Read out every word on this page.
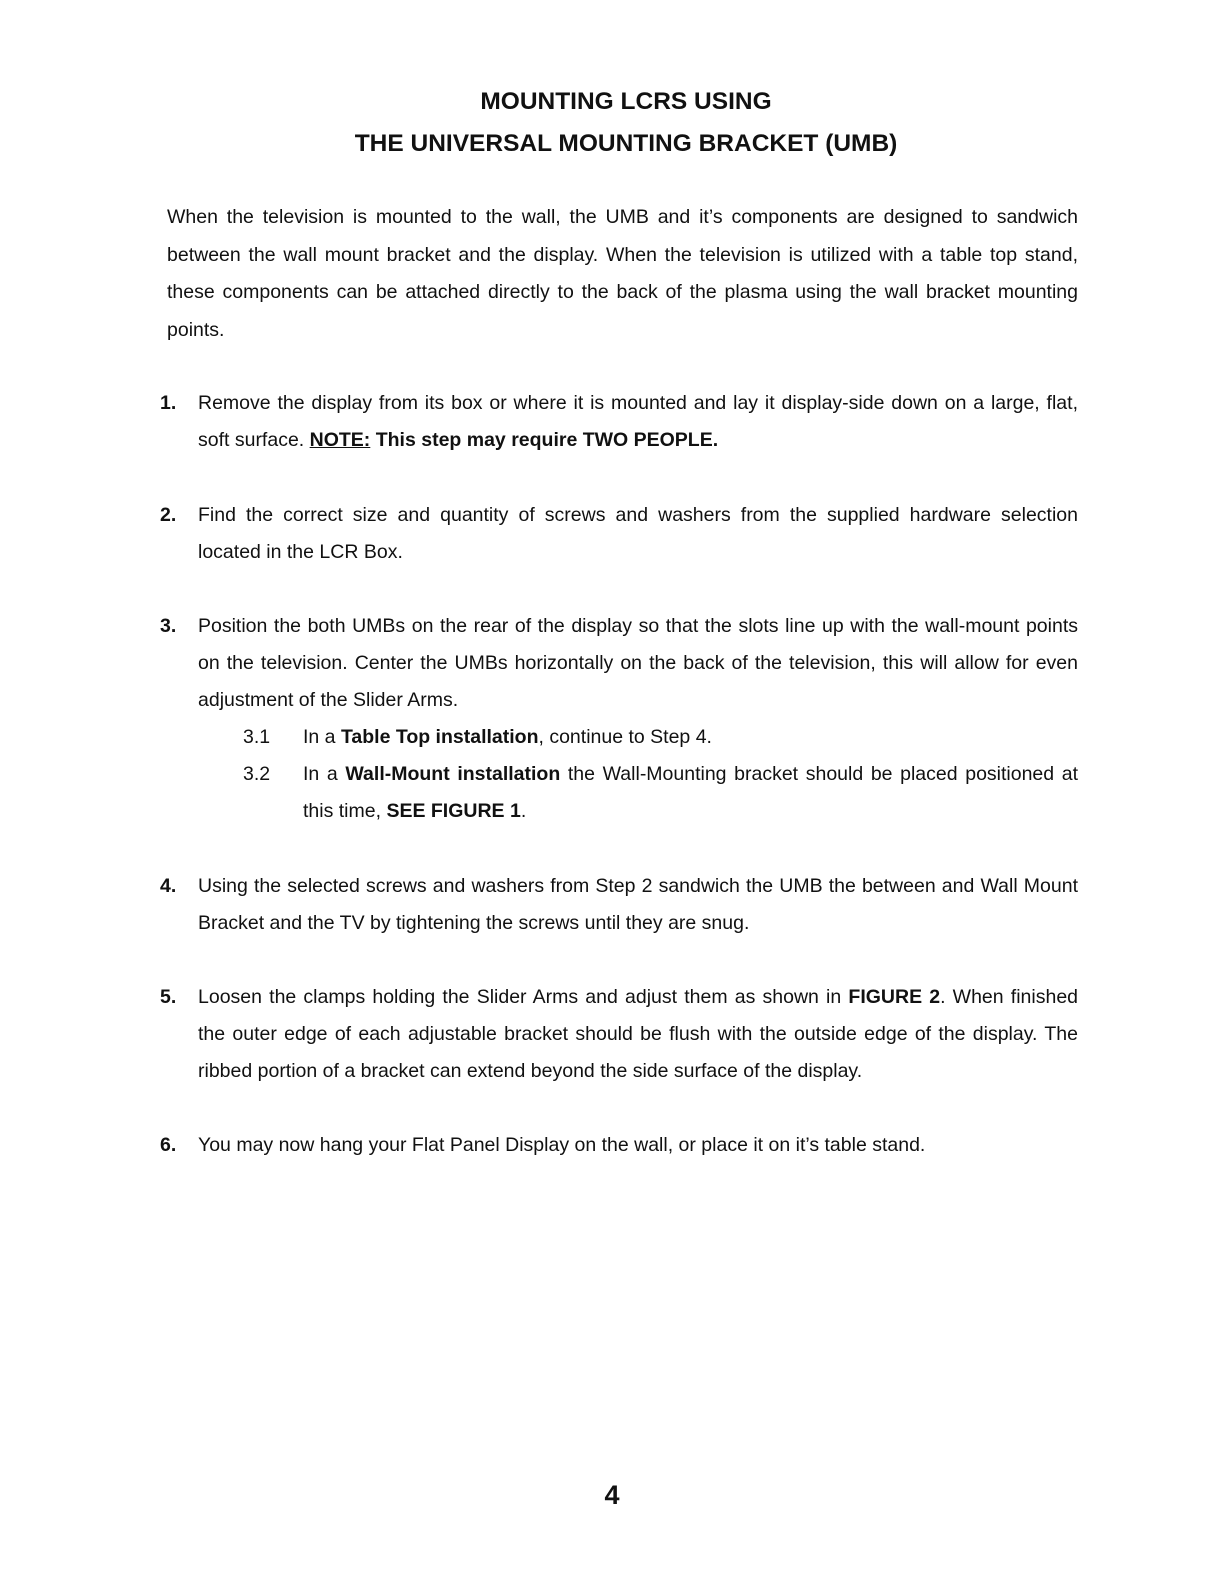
MOUNTING LCRS USING
THE UNIVERSAL MOUNTING BRACKET (UMB)

When the television is mounted to the wall, the UMB and it’s components are designed to sandwich between the wall mount bracket and the display. When the television is utilized with a table top stand, these components can be attached directly to the back of the plasma using the wall bracket mounting points.

1. Remove the display from its box or where it is mounted and lay it display-side down on a large, flat, soft surface. NOTE: This step may require TWO PEOPLE.
2. Find the correct size and quantity of screws and washers from the supplied hardware selection located in the LCR Box.
3. Position the both UMBs on the rear of the display so that the slots line up with the wall-mount points on the television. Center the UMBs horizontally on the back of the television, this will allow for even adjustment of the Slider Arms.
3.1 In a Table Top installation, continue to Step 4.
3.2 In a Wall-Mount installation the Wall-Mounting bracket should be placed positioned at this time, SEE FIGURE 1.
4. Using the selected screws and washers from Step 2 sandwich the UMB the between and Wall Mount Bracket and the TV by tightening the screws until they are snug.
5. Loosen the clamps holding the Slider Arms and adjust them as shown in FIGURE 2. When finished the outer edge of each adjustable bracket should be flush with the outside edge of the display. The ribbed portion of a bracket can extend beyond the side surface of the display.
6. You may now hang your Flat Panel Display on the wall, or place it on it’s table stand.
4
